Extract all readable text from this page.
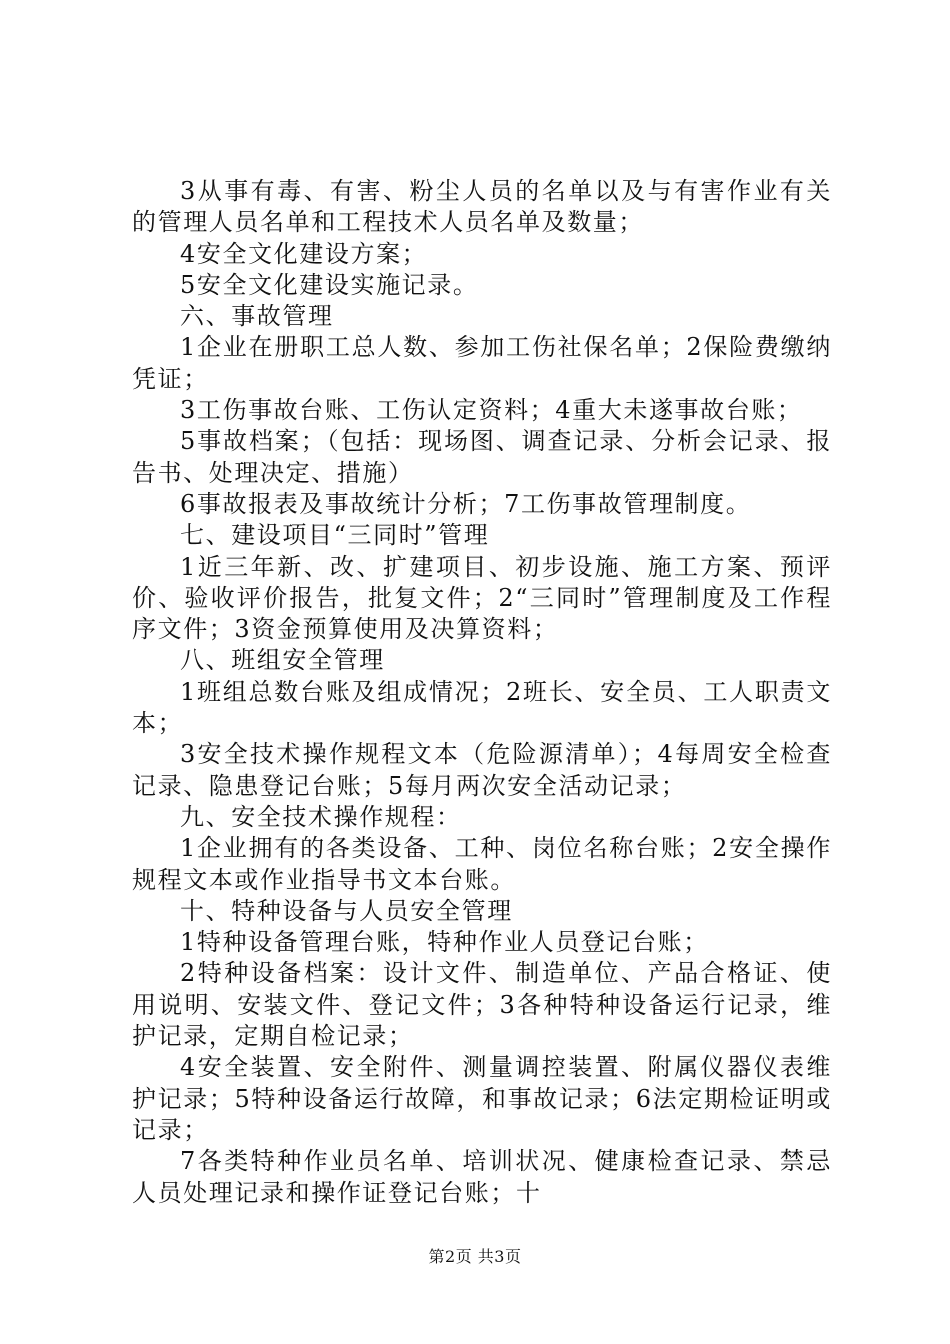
3从事有毒、有害、粉尘人员的名单以及与有害作业有关的管理人员名单和工程技术人员名单及数量；

4安全文化建设方案；

5安全文化建设实施记录。

六、事故管理

1企业在册职工总人数、参加工伤社保名单；2保险费缴纳凭证；

3工伤事故台账、工伤认定资料；4重大未遂事故台账；

5事故档案；（包括：现场图、调查记录、分析会记录、报告书、处理决定、措施）

6事故报表及事故统计分析；7工伤事故管理制度。

七、建设项目“三同时”管理

1近三年新、改、扩建项目、初步设施、施工方案、预评价、验收评价报告，批复文件；2“三同时”管理制度及工作程序文件；3资金预算使用及决算资料；

八、班组安全管理

1班组总数台账及组成情况；2班长、安全员、工人职责文本；

3安全技术操作规程文本（危险源清单）；4每周安全检查记录、隐患登记台账；5每月两次安全活动记录；

九、安全技术操作规程：

1企业拥有的各类设备、工种、岗位名称台账；2安全操作规程文本或作业指导书文本台账。

十、特种设备与人员安全管理

1特种设备管理台账，特种作业人员登记台账；

2特种设备档案：设计文件、制造单位、产品合格证、使用说明、安装文件、登记文件；3各种特种设备运行记录，维护记录，定期自检记录；

4安全装置、安全附件、测量调控装置、附属仪器仪表维护记录；5特种设备运行故障，和事故记录；6法定期检证明或记录；

7各类特种作业员名单、培训状况、健康检查记录、禁忌人员处理记录和操作证登记台账；十

第2页 共3页
